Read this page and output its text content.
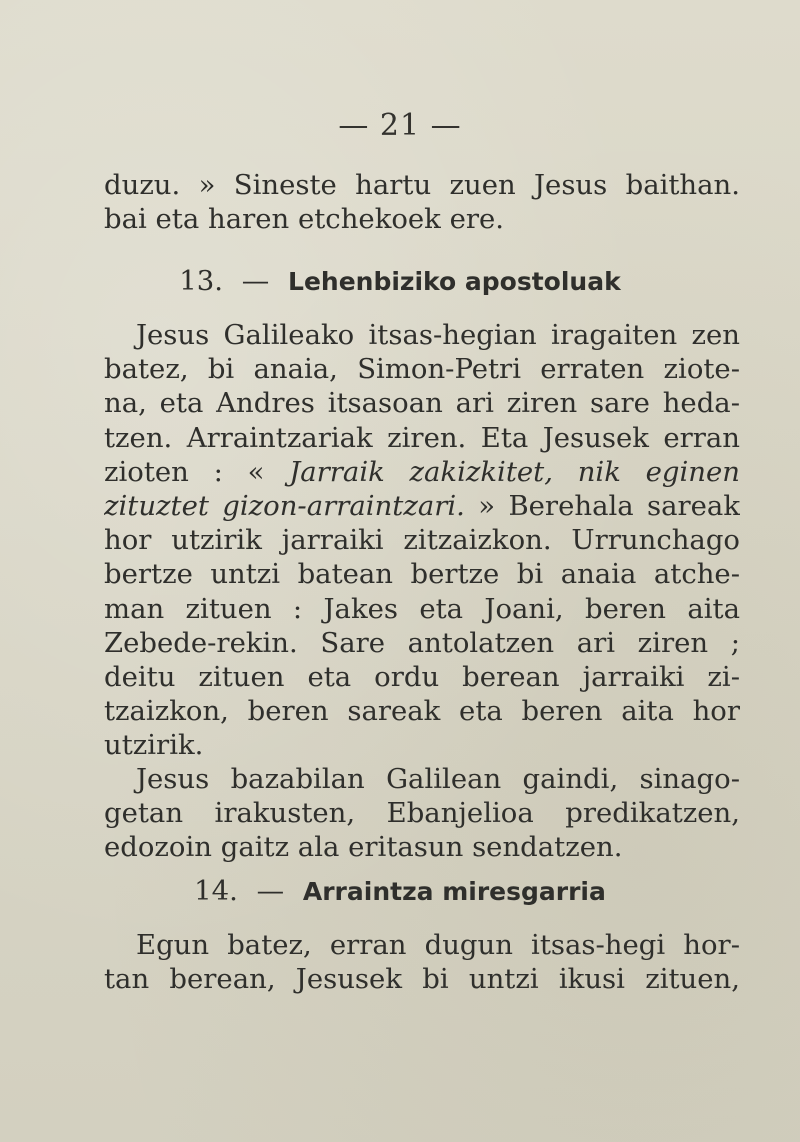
— 21 —
duzu. » Sineste hartu zuen Jesus baithan.
bai eta haren etchekoek ere.
13. — Lehenbiziko apostoluak
Jesus Galileako itsas-hegian iragaiten zen
batez, bi anaia, Simon-Petri erraten ziote-
na, eta Andres itsasoan ari ziren sare heda-
tzen. Arraintzariak ziren. Eta Jesusek erran
zioten : « Jarraik zakizkitet, nik eginen
zituztet gizon-arraintzari. » Berehala sareak
hor utzirik jarraiki zitzaizkon. Urrunchago
bertze untzi batean bertze bi anaia atche-
man zituen : Jakes eta Joani, beren aita
Zebede-rekin. Sare antolatzen ari ziren ;
deitu zituen eta ordu berean jarraiki zi-
tzaizkon, beren sareak eta beren aita hor
utzirik.
Jesus bazabilan Galilean gaindi, sinago-
getan irakusten, Ebanjelioa predikatzen,
edozoin gaitz ala eritasun sendatzen.
14. — Arraintza miresgarria
Egun batez, erran dugun itsas-hegi hor-
tan berean, Jesusek bi untzi ikusi zituen,
